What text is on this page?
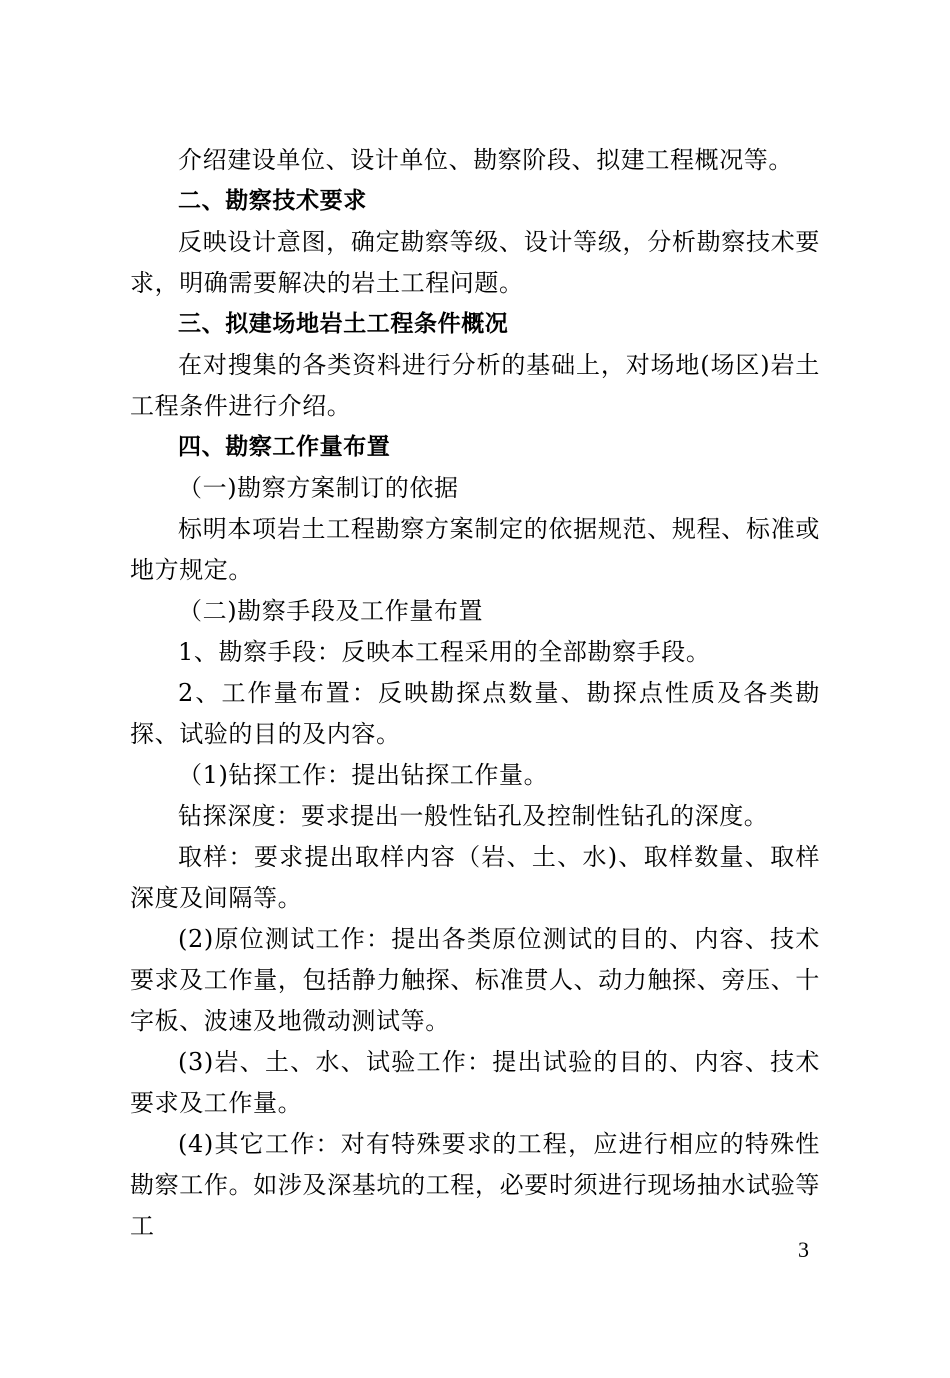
介绍建设单位、设计单位、勘察阶段、拟建工程概况等。

二、勘察技术要求

反映设计意图，确定勘察等级、设计等级，分析勘察技术要求，明确需要解决的岩土工程问题。

三、拟建场地岩土工程条件概况

在对搜集的各类资料进行分析的基础上，对场地(场区)岩土工程条件进行介绍。

四、勘察工作量布置

（一)勘察方案制订的依据

标明本项岩土工程勘察方案制定的依据规范、规程、标准或地方规定。

（二)勘察手段及工作量布置

1、勘察手段：反映本工程采用的全部勘察手段。

2、工作量布置：反映勘探点数量、勘探点性质及各类勘探、试验的目的及内容。

（1)钻探工作：提出钻探工作量。

钻探深度：要求提出一般性钻孔及控制性钻孔的深度。

取样：要求提出取样内容（岩、土、水)、取样数量、取样深度及间隔等。

(2)原位测试工作：提出各类原位测试的目的、内容、技术要求及工作量，包括静力触探、标准贯人、动力触探、旁压、十字板、波速及地微动测试等。

(3)岩、土、水、试验工作：提出试验的目的、内容、技术要求及工作量。

(4)其它工作：对有特殊要求的工程，应进行相应的特殊性勘察工作。如涉及深基坑的工程，必要时须进行现场抽水试验等工

3
